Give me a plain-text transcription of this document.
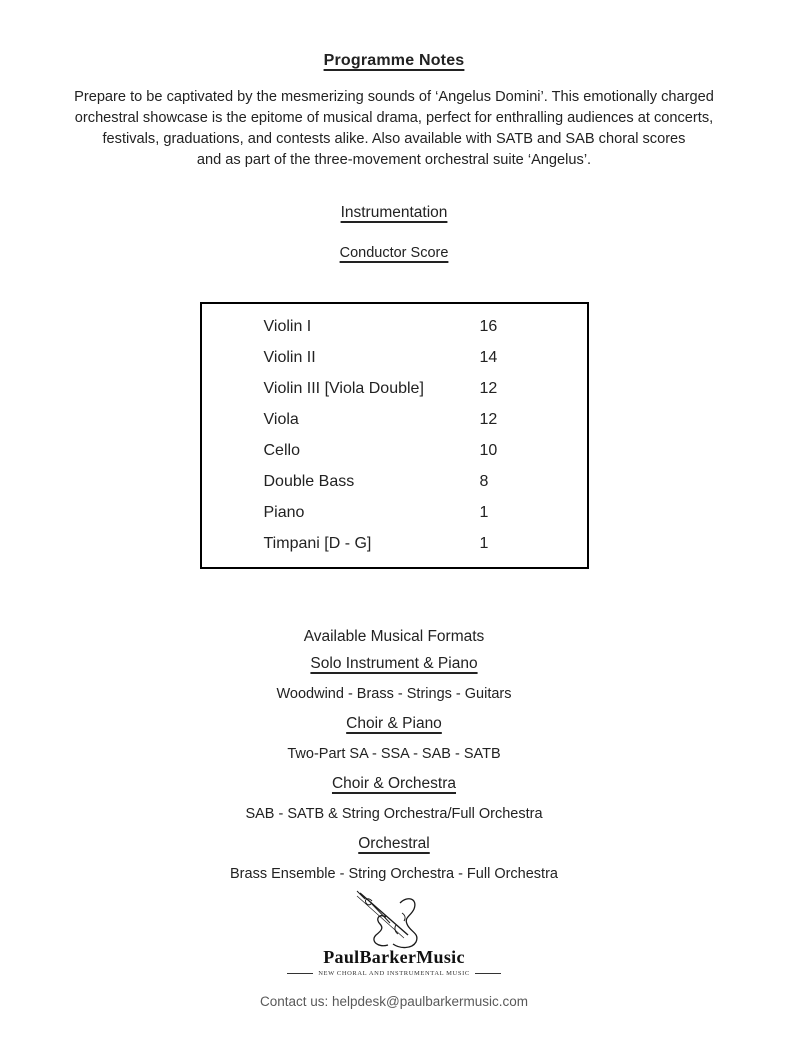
Programme Notes
Prepare to be captivated by the mesmerizing sounds of ‘Angelus Domini’. This emotionally charged
orchestral showcase is the epitome of musical drama, perfect for enthralling audiences at concerts,
festivals, graduations, and contests alike. Also available with SATB and SAB choral scores
and as part of the three-movement orchestral suite ‘Angelus’.
Instrumentation
Conductor Score
Violin I	16
Violin II	14
Violin III [Viola Double]	12
Viola	12
Cello	10
Double Bass	8
Piano	1
Timpani [D - G]	1
Available Musical Formats
Solo Instrument & Piano
Woodwind - Brass - Strings - Guitars
Choir & Piano
Two-Part SA - SSA - SAB - SATB
Choir & Orchestra
SAB - SATB & String Orchestra/Full Orchestra
Orchestral
Brass Ensemble - String Orchestra - Full Orchestra
PaulBarkerMusic
NEW CHORAL AND INSTRUMENTAL MUSIC
Contact us: helpdesk@paulbarkermusic.com
